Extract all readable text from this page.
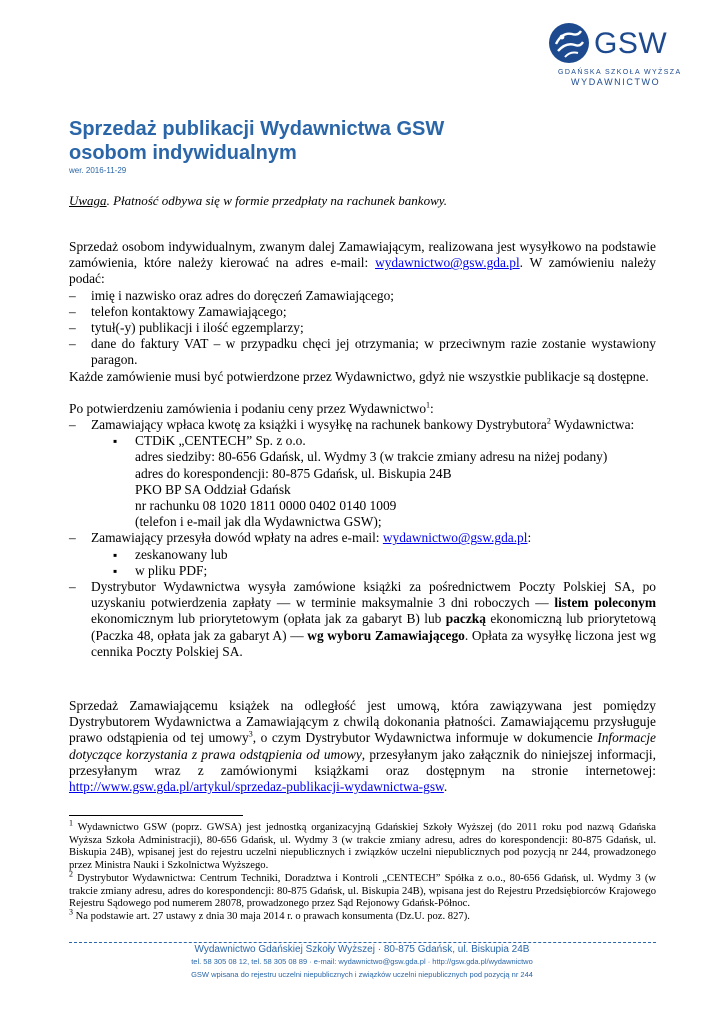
GSW
GDAŃSKA SZKOŁA WYŻSZA
WYDAWNICTWO
Sprzedaż publikacji Wydawnictwa GSW
osobom indywidualnym
wer. 2016-11-29
Uwaga. Płatność odbywa się w formie przedpłaty na rachunek bankowy.

Sprzedaż osobom indywidualnym, zwanym dalej Zamawiającym, realizowana jest wysyłkowo na podstawie zamówienia, które należy kierować na adres e-mail: wydawnictwo@gsw.gda.pl. W zamówieniu należy podać:

– imię i nazwisko oraz adres do doręczeń Zamawiającego;
– telefon kontaktowy Zamawiającego;
– tytuł(-y) publikacji i ilość egzemplarzy;
– dane do faktury VAT – w przypadku chęci jej otrzymania; w przeciwnym razie zostanie wystawiony paragon.

Każde zamówienie musi być potwierdzone przez Wydawnictwo, gdyż nie wszystkie publikacje są dostępne.

Po potwierdzeniu zamówienia i podaniu ceny przez Wydawnictwo$^1$:

– Zamawiający wpłaca kwotę za książki i wysyłkę na rachunek bankowy Dystrybutora$^2$ Wydawnictwa:
▪ CTDiK „CENTECH” Sp. z o.o.
adres siedziby: 80-656 Gdańsk, ul. Wydmy 3 (w trakcie zmiany adresu na niżej podany)
adres do korespondencji: 80-875 Gdańsk, ul. Biskupia 24B
PKO BP SA Oddział Gdańsk
nr rachunku 08 1020 1811 0000 0402 0140 1009
(telefon i e-mail jak dla Wydawnictwa GSW);
– Zamawiający przesyła dowód wpłaty na adres e-mail: wydawnictwo@gsw.gda.pl:
▪ zeskanowany lub
▪ w pliku PDF;
– Dystrybutor Wydawnictwa wysyła zamówione książki za pośrednictwem Poczty Polskiej SA, po uzyskaniu potwierdzenia zapłaty — w terminie maksymalnie 3 dni roboczych — listem poleconym ekonomicznym lub priorytetowym (opłata jak za gabaryt B) lub paczką ekonomiczną lub priorytetową (Paczka 48, opłata jak za gabaryt A) — wg wyboru Zamawiającego. Opłata za wysyłkę liczona jest wg cennika Poczty Polskiej SA.

Sprzedaż Zamawiającemu książek na odległość jest umową, która zawiązywana jest pomiędzy Dystrybutorem Wydawnictwa a Zamawiającym z chwilą dokonania płatności. Zamawiającemu przysługuje prawo odstąpienia od tej umowy$^3$, o czym Dystrybutor Wydawnictwa informuje w dokumencie Informacje dotyczące korzystania z prawa odstąpienia od umowy, przesyłanym jako załącznik do niniejszej informacji, przesyłanym wraz z zamówionymi książkami oraz dostępnym na stronie internetowej: http://www.gsw.gda.pl/artykul/sprzedaz-publikacji-wydawnictwa-gsw.

$^1$ Wydawnictwo GSW (poprz. GWSA) jest jednostką organizacyjną Gdańskiej Szkoły Wyższej (do 2011 roku pod nazwą Gdańska Wyższa Szkoła Administracji), 80-656 Gdańsk, ul. Wydmy 3 (w trakcie zmiany adresu, adres do korespondencji: 80-875 Gdańsk, ul. Biskupia 24B), wpisanej jest do rejestru uczelni niepublicznych i związków uczelni niepublicznych pod pozycją nr 244, prowadzonego przez Ministra Nauki i Szkolnictwa Wyższego.

$^2$ Dystrybutor Wydawnictwa: Centrum Techniki, Doradztwa i Kontroli „CENTECH” Spółka z o.o., 80-656 Gdańsk, ul. Wydmy 3 (w trakcie zmiany adresu, adres do korespondencji: 80-875 Gdańsk, ul. Biskupia 24B), wpisana jest do Rejestru Przedsiębiorców Krajowego Rejestru Sądowego pod numerem 28078, prowadzonego przez Sąd Rejonowy Gdańsk-Północ.

$^3$ Na podstawie art. 27 ustawy z dnia 30 maja 2014 r. o prawach konsumenta (Dz.U. poz. 827).

Wydawnictwo Gdańskiej Szkoły Wyższej · 80-875 Gdańsk, ul. Biskupia 24B
tel. 58 305 08 12, tel. 58 305 08 89 · e-mail: wydawnictwo@gsw.gda.pl · http://gsw.gda.pl/wydawnictwo
GSW wpisana do rejestru uczelni niepublicznych i związków uczelni niepublicznych pod pozycją nr 244
